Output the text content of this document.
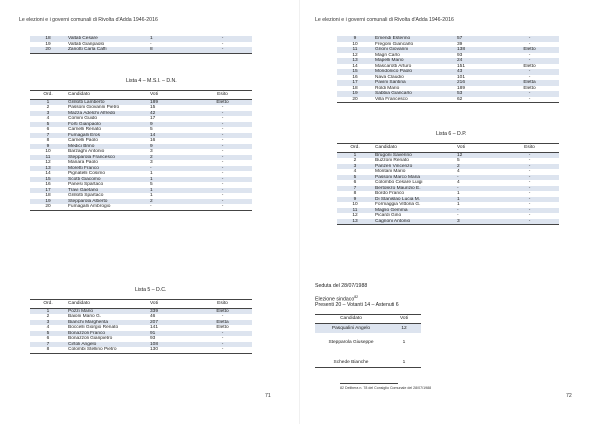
Le elezioni e i governi comunali di Rivolta d'Adda 1946-2016
18	Valtati Cesare	1	-
19	Valtati Gianpaolo	-	-
20	Zanotti Carla Caffi	8	-
Lista 4 – M.S.I. – D.N.
Ord.	Candidato	Voti	Esito
1	Grillotti Lamberto	189	Eletto
2	Passoni Giovanni Pietro	15	-
3	Mazza Adelchi Alfredo	42	-
4	Comini Guido	17	-
5	Forti Gianpaolo	9	-
6	Carnelli Renato	5	-
7	Fumagalli Eros	14	-
8	Carnelli Paolo	16	-
9	Medici Brino	9	-
10	Barzaghi Antonio	3	-
11	Stepparola Francesco	2	-
12	Manara Paolo	3	-
13	Moretti Franco	-	-
14	Pignatelli Cosimo	1	-
15	Scotti Giacomo	1	-
16	Panesi Spartaco	5	-
17	Travi Gaetano	1	-
18	Grillotti Spartaco	1	-
19	Stepparola Alberto	2	-
20	Fumagalli Ambrogio	-	-
Lista 5 – D.C.
Ord.	Candidato	Voti	Esito
1	Pozzi Mario	339	Eletto
2	Baioni Mario G.	46	-
3	Bianchi Margherita	207	Eletta
4	Boccelli Giorgio Renato	141	Eletto
5	Bonazzoli Franco	91	-
6	Bonazzoli Gianpietro	93	-
7	Cirtoli Angelo	108	-
8	Colombi Stellino Pietro	130	-
71
Le elezioni e i governi comunali di Rivolta d'Adda 1946-2016
9	Emendi Esterino	57	-
10	Fregoni Giancarlo	39	-
11	Grioni Giovanni	138	Eletto
12	Magri Carlo	93	-
13	Mapelli Mario	24	-
14	Mascarotti Arturo	151	Eletto
15	Mondonico Paolo	43	-
16	Nava Claudio	101	-
17	Pavini Santina	216	Eletta
18	Roldi Mario	189	Eletto
19	Sabbia Giancarlo	53	-
20	Villa Francesco	62	-
Lista 6 – D.P.
Ord.	Candidato	Voti	Esito
1	Brugoni Saverino	12	-
2	Buzzoni Renato	5	-
3	Panzeri Vincenzo	2	-
4	Montani Mario	4	-
5	Passoni Marco Maria	-	-
6	Colombo Cesare Luigi	4	-
7	Bertolezo Maurizio E.	-	-
8	Bordo Franco	1	-
9	Di Stanislao Lucia M.	1	-
10	Formaggia Vittoria G.	1	-
11	Maglio Gemma	-	-
12	Picardi Gino	-	-
13	Cagnoni Antonio	3	-
Seduta del 28/07/1988
Elezione sindaco$^{82}$
Presenti 20 – Votanti 14 – Astenuti 6
Candidato	Voti
Pasqualini Angelo	12
Stepparola Giuseppe	1
Schede Bianche	1
72
82 Delibera n. 78 del Consiglio Comunale del 28/07/1988
